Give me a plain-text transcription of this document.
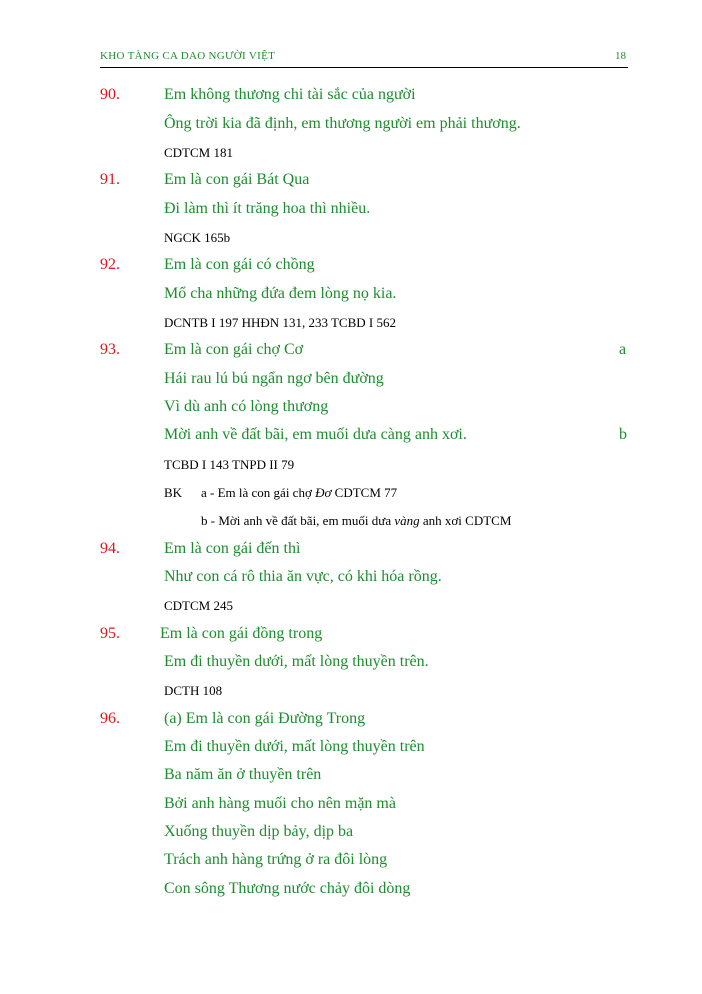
KHO TÀNG CA DAO NGƯỜI VIỆT	18
90.	Em không thương chi tài sắc của người
Ông trời kia đã định, em thương người em phải thương.
CDTCM 181
91.	Em là con gái Bát Qua
Đi làm thì ít trăng hoa thì nhiều.
NGCK 165b
92.	Em là con gái có chồng
Mổ cha những đứa đem lòng nọ kia.
DCNTB I 197 HHĐN 131, 233 TCBD I 562
93.	Em là con gái chợ Cơ	a
Hái rau lú bú ngẩn ngơ bên đường
Vì dù anh có lòng thương
Mời anh về đất bãi, em muối dưa càng anh xơi.	b
TCBD I 143 TNPD II 79
BK a - Em là con gái chợ Đơ CDTCM 77
b - Mời anh về đất bãi, em muối dưa vàng anh xơi CDTCM
94.	Em là con gái đến thì
Như con cá rô thia ăn vực, có khi hóa rồng.
CDTCM 245
95.	Em là con gái đồng trong
Em đi thuyền dưới, mất lòng thuyền trên.
DCTH 108
96.	(a) Em là con gái Đường Trong
Em đi thuyền dưới, mất lòng thuyền trên
Ba năm ăn ở thuyền trên
Bởi anh hàng muối cho nên mặn mà
Xuống thuyền dịp bảy, dịp ba
Trách anh hàng trứng ở ra đôi lòng
Con sông Thương nước chảy đôi dòng
